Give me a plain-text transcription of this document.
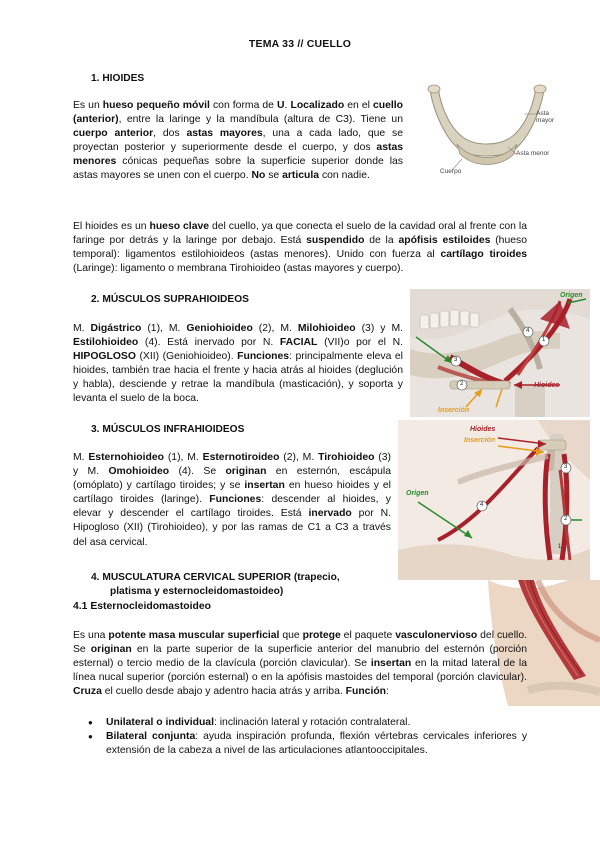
TEMA 33 // CUELLO
1. HIOIDES
Es un hueso pequeño móvil con forma de U. Localizado en el cuello (anterior), entre la laringe y la mandíbula (altura de C3). Tiene un cuerpo anterior, dos astas mayores, una a cada lado, que se proyectan posterior y superiormente desde el cuerpo, y dos astas menores cónicas pequeñas sobre la superficie superior donde las astas mayores se unen con el cuerpo. No se articula con nadie.
Asta mayor
Asta menor
Cuerpo
El hioides es un hueso clave del cuello, ya que conecta el suelo de la cavidad oral al frente con la faringe por detrás y la laringe por debajo. Está suspendido de la apófisis estiloides (hueso temporal): ligamentos estilohioideos (astas menores). Unido con fuerza al cartílago tiroides (Laringe): ligamento o membrana Tirohioideo (astas mayores y cuerpo).
2. MÚSCULOS SUPRAHIOIDEOS
M. Digástrico (1), M. Geniohioideo (2), M. Milohioideo (3) y M. Estilohioideo (4). Está inervado por N. FACIAL (VII)o por el N. HIPOGLOSO (XII) (Geniohioideo). Funciones: principalmente eleva el hioides, también trae hacia el frente y hacia atrás al hioides (deglución y habla), desciende y retrae la mandíbula (masticación), y soporta y levanta el suelo de la boca.
Origen
Hioides
Inserción
1
2
3
4
3. MÚSCULOS INFRAHIOIDEOS
M. Esternohioideo (1), M. Esternotiroideo (2), M. Tirohioideo (3) y M. Omohioideo (4). Se originan en esternón, escápula (omóplato) y cartílago tiroides; y se insertan en hueso hioides y el cartílago tiroides (laringe). Funciones: descender al hioides, y elevar y descender el cartílago tiroides. Está inervado por N. Hipogloso (XII) (Tirohioideo), y por las ramas de C1 a C3 a través del asa cervical.
Hioides
Inserción
Origen
3
2
4
1
4. MUSCULATURA CERVICAL SUPERIOR (trapecio,
platisma y esternocleidomastoideo)
4.1 Esternocleidomastoideo
Es una potente masa muscular superficial que protege el paquete vasculonervioso del cuello. Se originan en la parte superior de la superficie anterior del manubrio del esternón (porción esternal) o tercio medio de la clavícula (porción clavicular). Se insertan en la mitad lateral de la línea nucal superior (porción esternal) o en la apófisis mastoides del temporal (porción clavicular). Cruza el cuello desde abajo y adentro hacia atrás y arriba. Función:
● Unilateral o individual: inclinación lateral y rotación contralateral.
● Bilateral conjunta: ayuda inspiración profunda, flexión vértebras cervicales inferiores y extensión de la cabeza a nivel de las articulaciones atlantooccipitales.
